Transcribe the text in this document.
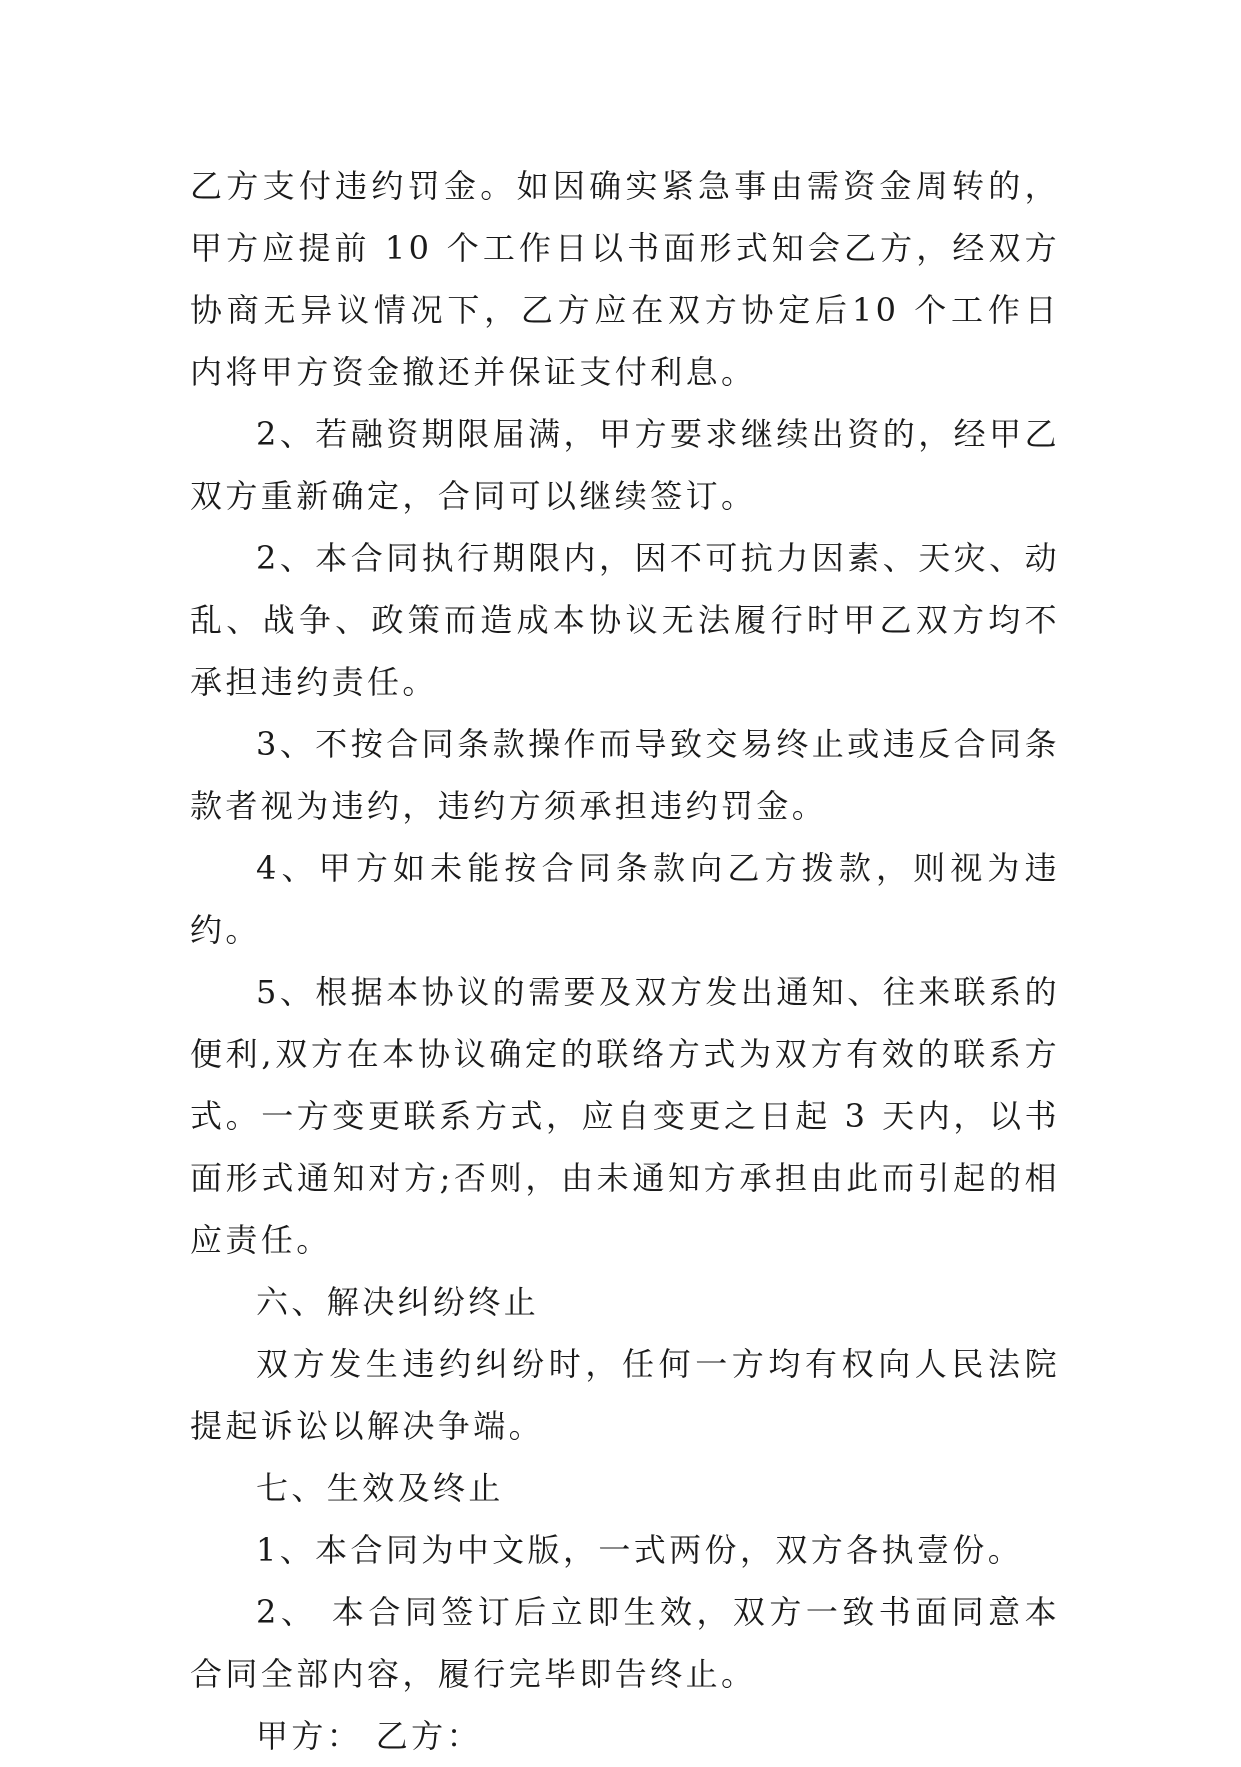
乙方支付违约罚金。如因确实紧急事由需资金周转的，甲方应提前 10 个工作日以书面形式知会乙方，经双方协商无异议情况下，乙方应在双方协定后10 个工作日内将甲方资金撤还并保证支付利息。

2、若融资期限届满，甲方要求继续出资的，经甲乙双方重新确定，合同可以继续签订。

2、本合同执行期限内，因不可抗力因素、天灾、动乱、战争、政策而造成本协议无法履行时甲乙双方均不承担违约责任。

3、不按合同条款操作而导致交易终止或违反合同条款者视为违约，违约方须承担违约罚金。

4、甲方如未能按合同条款向乙方拨款，则视为违约。

5、根据本协议的需要及双方发出通知、往来联系的便利,双方在本协议确定的联络方式为双方有效的联系方式。一方变更联系方式，应自变更之日起 3 天内，以书面形式通知对方;否则，由未通知方承担由此而引起的相应责任。

六、解决纠纷终止

双方发生违约纠纷时，任何一方均有权向人民法院提起诉讼以解决争端。

七、生效及终止

1、本合同为中文版，一式两份，双方各执壹份。

2、 本合同签订后立即生效，双方一致书面同意本合同全部内容，履行完毕即告终止。

甲方： 乙方：
